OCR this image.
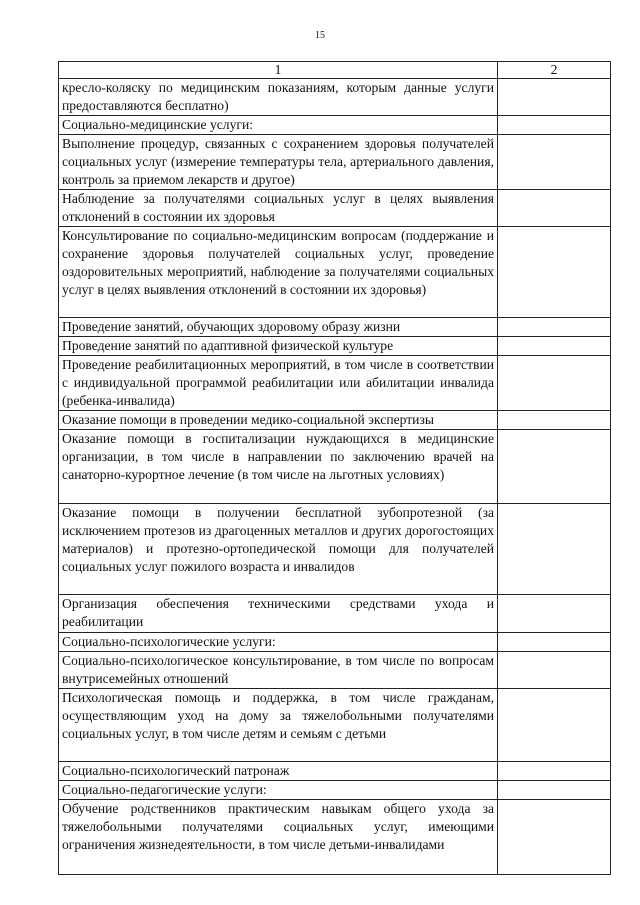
15
1	2
кресло-коляску по медицинским показаниям, которым данные услуги предоставляются бесплатно)	
Социально-медицинские услуги:	
Выполнение процедур, связанных с сохранением здоровья получателей социальных услуг (измерение температуры тела, артериального давления, контроль за приемом лекарств и другое)	
Наблюдение за получателями социальных услуг в целях выявления отклонений в состоянии их здоровья	
Консультирование по социально-медицинским вопросам (поддержание и сохранение здоровья получателей социальных услуг, проведение оздоровительных мероприятий, наблюдение за получателями социальных услуг в целях выявления отклонений в состоянии их здоровья)	
Проведение занятий, обучающих здоровому образу жизни	
Проведение занятий по адаптивной физической культуре	
Проведение реабилитационных мероприятий, в том числе в соответствии с индивидуальной программой реабилитации или абилитации инвалида (ребенка-инвалида)	
Оказание помощи в проведении медико-социальной экспертизы	
Оказание помощи в госпитализации нуждающихся в медицинские организации, в том числе в направлении по заключению врачей на санаторно-курортное лечение (в том числе на льготных условиях)	
Оказание помощи в получении бесплатной зубопротезной (за исключением протезов из драгоценных металлов и других дорогостоящих материалов) и протезно-ортопедической помощи для получателей социальных услуг пожилого возраста и инвалидов	
Организация обеспечения техническими средствами ухода и реабилитации	
Социально-психологические услуги:	
Социально-психологическое консультирование, в том числе по вопросам внутрисемейных отношений	
Психологическая помощь и поддержка, в том числе гражданам, осуществляющим уход на дому за тяжелобольными получателями социальных услуг, в том числе детям и семьям с детьми	
Социально-психологический патронаж	
Социально-педагогические услуги:	
Обучение родственников практическим навыкам общего ухода за тяжелобольными получателями социальных услуг, имеющими ограничения жизнедеятельности, в том числе детьми-инвалидами	
